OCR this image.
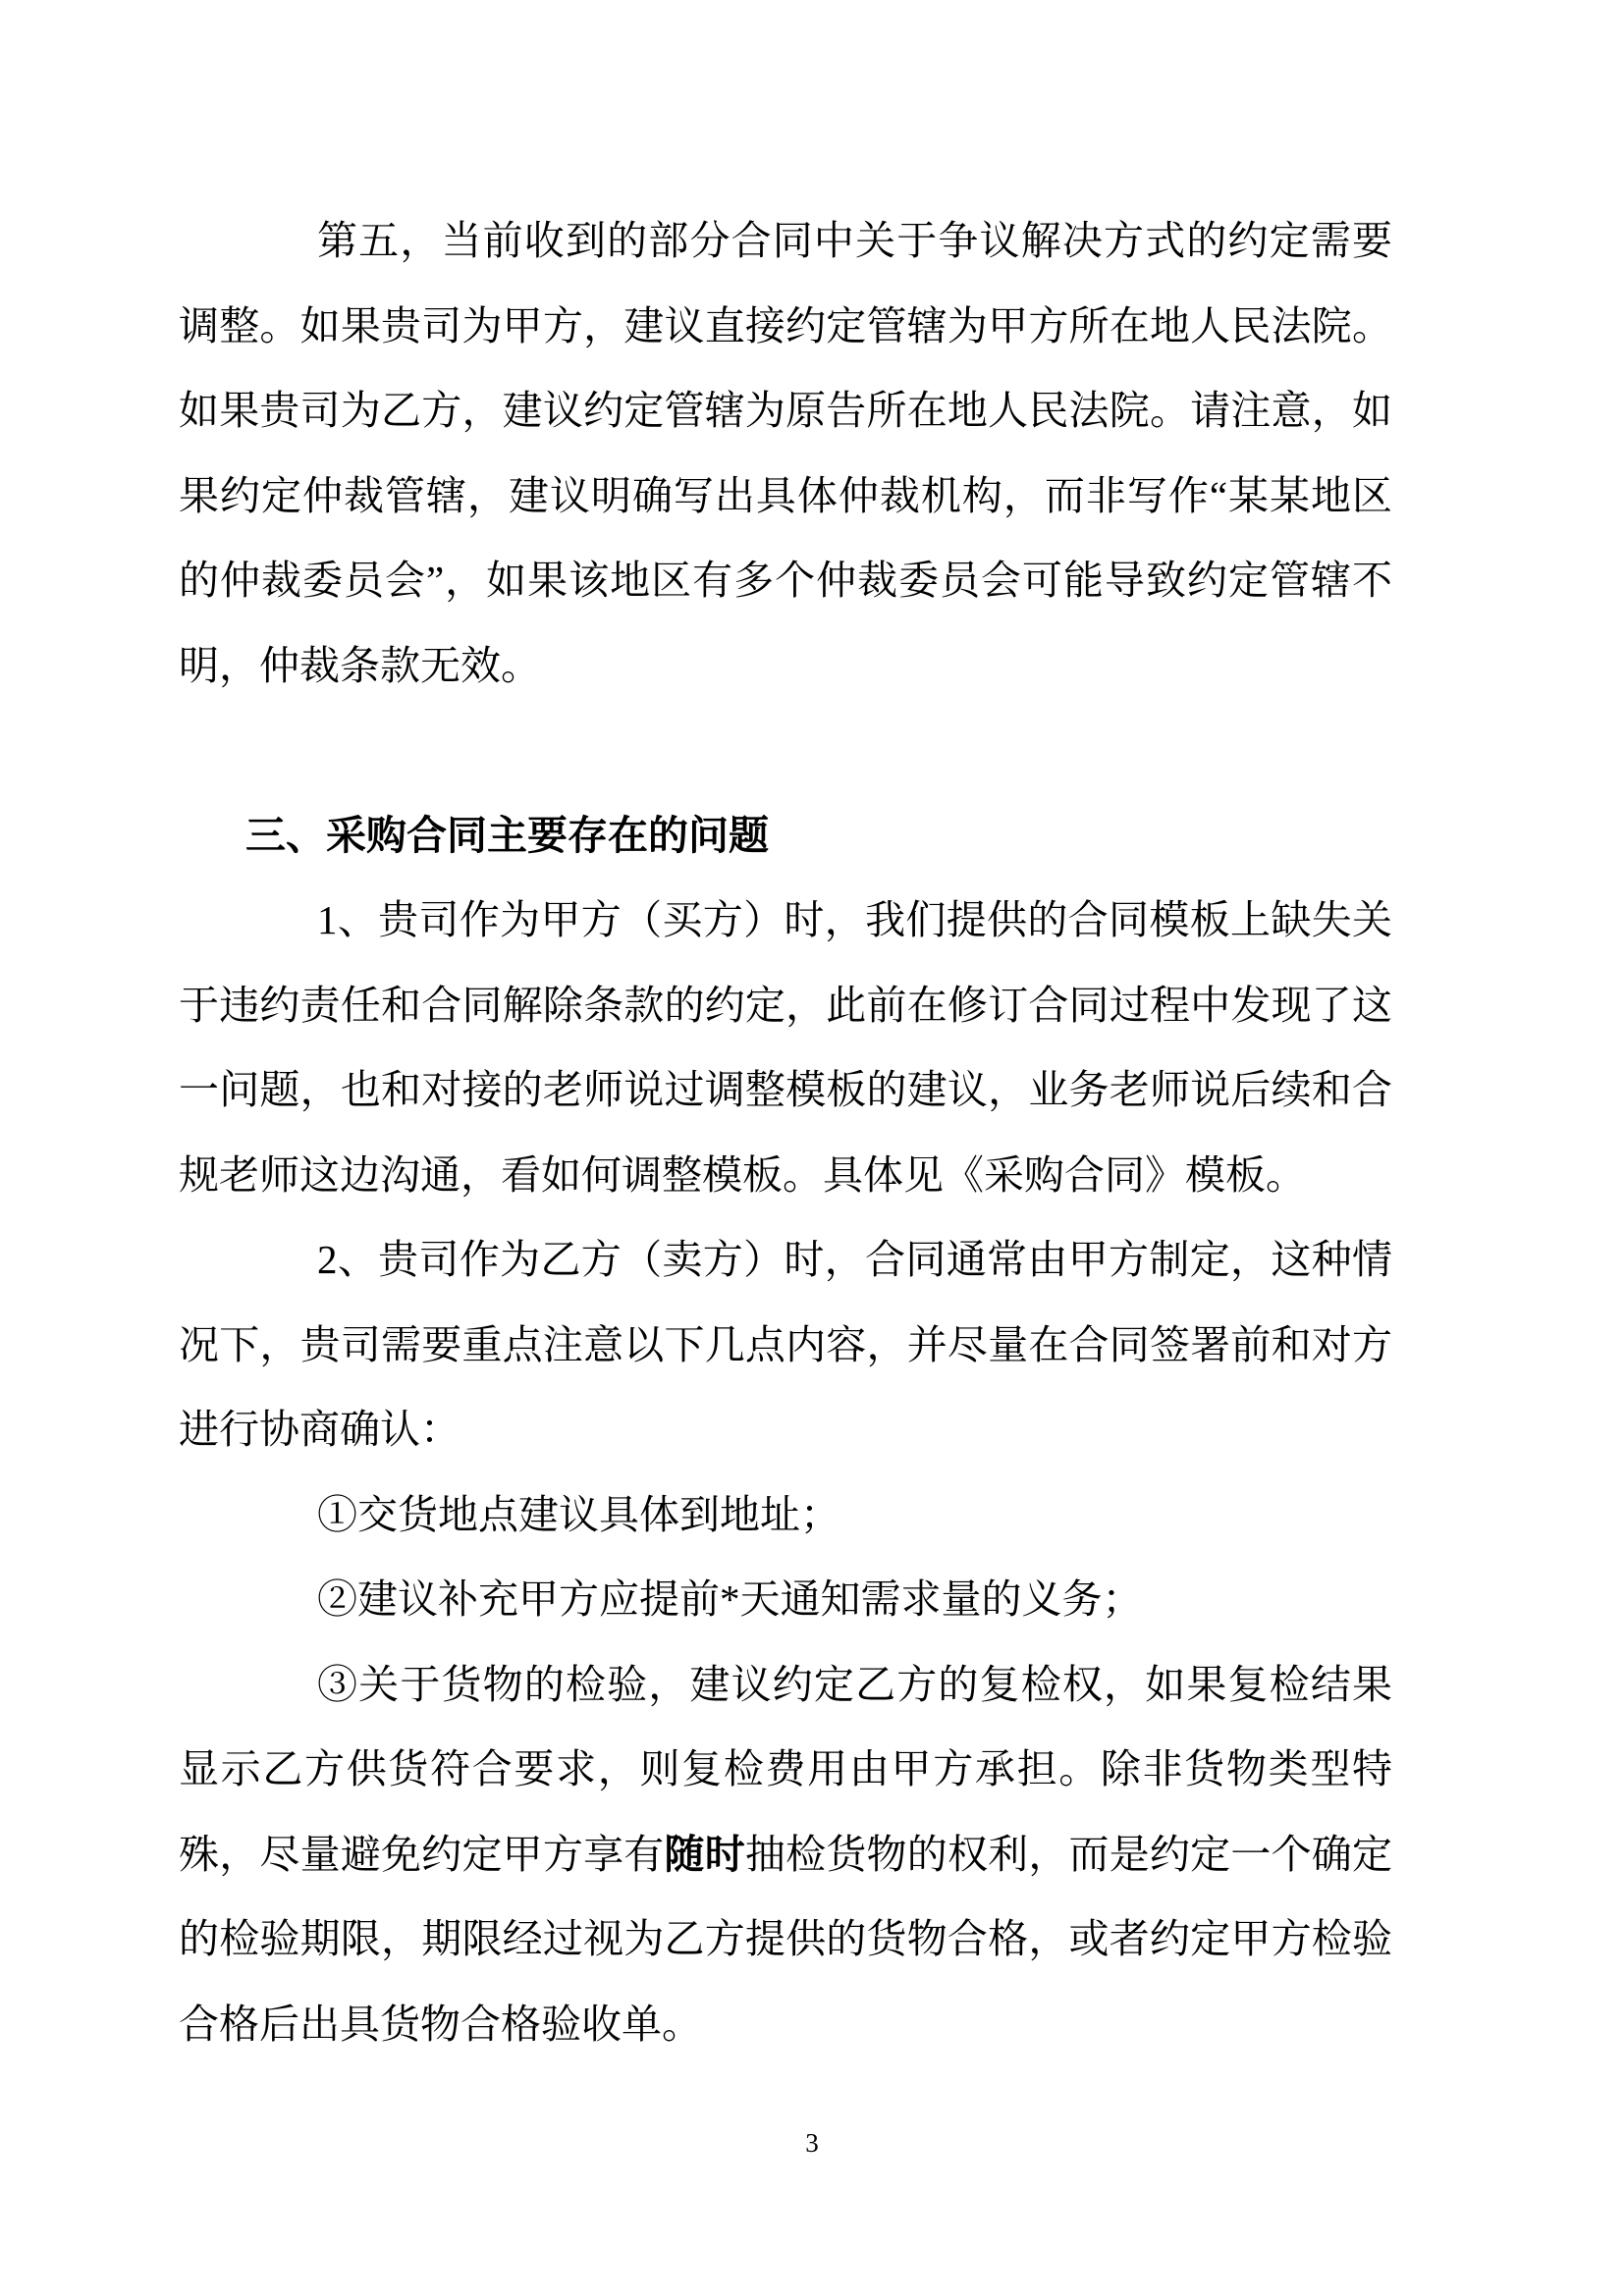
第五，当前收到的部分合同中关于争议解决方式的约定需要调整。如果贵司为甲方，建议直接约定管辖为甲方所在地人民法院。如果贵司为乙方，建议约定管辖为原告所在地人民法院。请注意，如果约定仲裁管辖，建议明确写出具体仲裁机构，而非写作“某某地区的仲裁委员会”，如果该地区有多个仲裁委员会可能导致约定管辖不明，仲裁条款无效。

三、采购合同主要存在的问题

1、贵司作为甲方（买方）时，我们提供的合同模板上缺失关于违约责任和合同解除条款的约定，此前在修订合同过程中发现了这一问题，也和对接的老师说过调整模板的建议，业务老师说后续和合规老师这边沟通，看如何调整模板。具体见《采购合同》模板。

2、贵司作为乙方（卖方）时，合同通常由甲方制定，这种情况下，贵司需要重点注意以下几点内容，并尽量在合同签署前和对方进行协商确认：

①交货地点建议具体到地址；

②建议补充甲方应提前*天通知需求量的义务；

③关于货物的检验，建议约定乙方的复检权，如果复检结果显示乙方供货符合要求，则复检费用由甲方承担。除非货物类型特殊，尽量避免约定甲方享有随时抽检货物的权利，而是约定一个确定的检验期限，期限经过视为乙方提供的货物合格，或者约定甲方检验合格后出具货物合格验收单。

3
